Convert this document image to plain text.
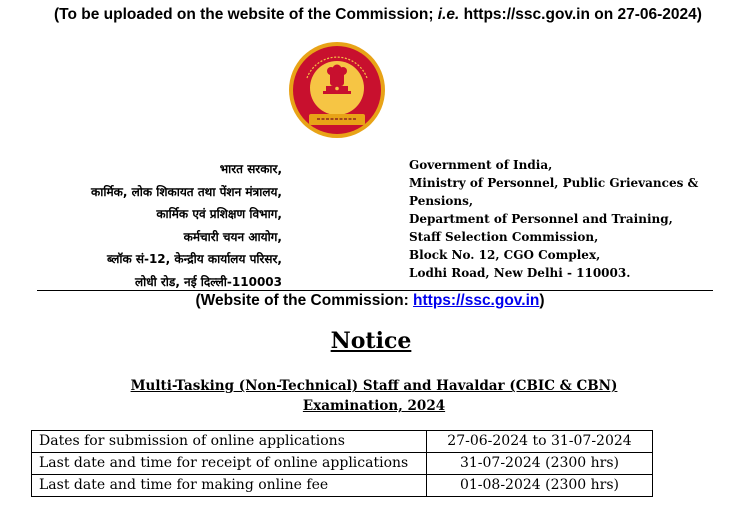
(To be uploaded on the website of the Commission; i.e. https://ssc.gov.in on 27-06-2024)
भारत सरकार,
कार्मिक, लोक शिकायत तथा पेंशन मंत्रालय,
कार्मिक एवं प्रशिक्षण विभाग,
कर्मचारी चयन आयोग,
ब्लॉक सं-12, केन्द्रीय कार्यालय परिसर,
लोधी रोड, नई दिल्ली-110003
Government of India,
Ministry of Personnel, Public Grievances &
Pensions,
Department of Personnel and Training,
Staff Selection Commission,
Block No. 12, CGO Complex,
Lodhi Road, New Delhi - 110003.
(Website of the Commission: https://ssc.gov.in)
Notice
Multi-Tasking (Non-Technical) Staff and Havaldar (CBIC & CBN)
Examination, 2024
Dates for submission of online applications	27-06-2024 to 31-07-2024
Last date and time for receipt of online applications	31-07-2024 (2300 hrs)
Last date and time for making online fee	01-08-2024 (2300 hrs)
